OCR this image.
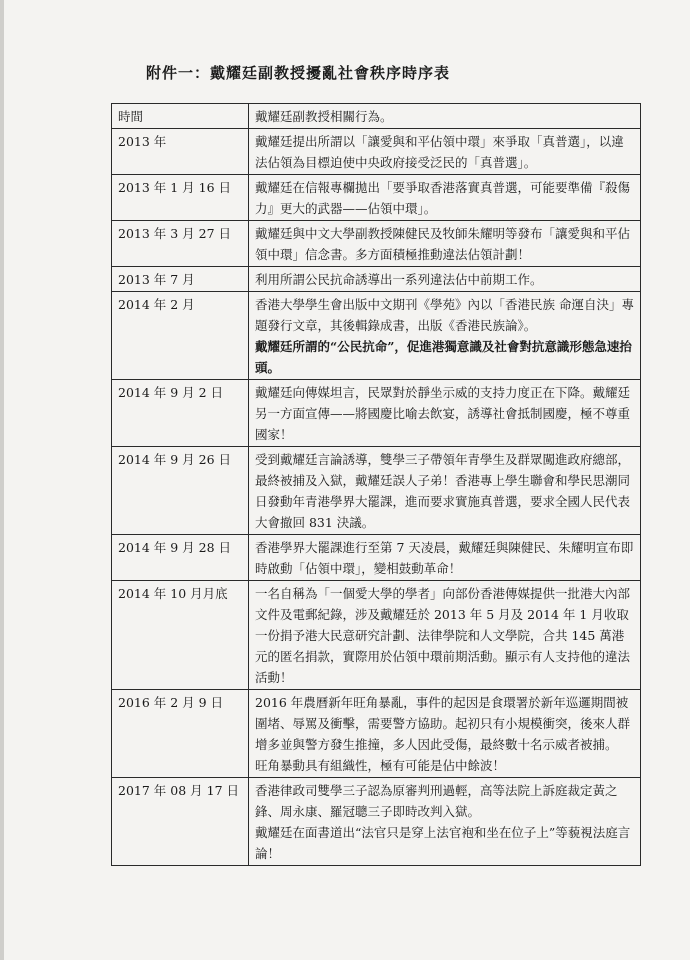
附件一：戴耀廷副教授擾亂社會秩序時序表
時間	戴耀廷副教授相關行為。
2013 年	戴耀廷提出所謂以「讓愛與和平佔領中環」來爭取「真普選」，以違法佔領為目標迫使中央政府接受泛民的「真普選」。

2013 年 1 月 16 日	戴耀廷在信報專欄拋出「要爭取香港落實真普選，可能要準備『殺傷力』更大的武器——佔領中環」。

2013 年 3 月 27 日	戴耀廷與中文大學副教授陳健民及牧師朱耀明等發布「讓愛與和平佔領中環」信念書。多方面積極推動違法佔領計劃！

2013 年 7 月	利用所謂公民抗命誘導出一系列違法佔中前期工作。

2014 年 2 月	香港大學學生會出版中文期刊《學苑》內以「香港民族 命運自決」專題發行文章，其後輯錄成書，出版《香港民族論》。
戴耀廷所謂的“公民抗命”，促進港獨意識及社會對抗意識形態急速抬頭。

2014 年 9 月 2 日	戴耀廷向傳媒坦言，民眾對於靜坐示威的支持力度正在下降。戴耀廷另一方面宣傳——將國慶比喻去飲宴，誘導社會抵制國慶，極不尊重國家！

2014 年 9 月 26 日	受到戴耀廷言論誘導，雙學三子帶領年青學生及群眾闖進政府總部，最終被捕及入獄，戴耀廷誤人子弟！香港專上學生聯會和學民思潮同日發動年青港學界大罷課，進而要求實施真普選，要求全國人民代表大會撤回 831 決議。

2014 年 9 月 28 日	香港學界大罷課進行至第 7 天凌晨，戴耀廷與陳健民、朱耀明宣布即時啟動「佔領中環」，變相鼓動革命！

2014 年 10 月月底	一名自稱為「一個愛大學的學者」向部份香港傳媒提供一批港大內部文件及電郵紀錄，涉及戴耀廷於 2013 年 5 月及 2014 年 1 月收取一份捐予港大民意研究計劃、法律學院和人文學院，合共 145 萬港元的匿名捐款，實際用於佔領中環前期活動。顯示有人支持他的違法活動！

2016 年 2 月 9 日	2016 年農曆新年旺角暴亂，事件的起因是食環署於新年巡邏期間被圍堵、辱罵及衝擊，需要警方協助。起初只有小規模衝突，後來人群增多並與警方發生推撞，多人因此受傷，最終數十名示威者被捕。
旺角暴動具有組織性，極有可能是佔中餘波！

2017 年 08 月 17 日	香港律政司雙學三子認為原審判刑過輕，高等法院上訴庭裁定黃之鋒、周永康、羅冠聰三子即時改判入獄。
戴耀廷在面書道出“法官只是穿上法官袍和坐在位子上”等藐視法庭言論！
